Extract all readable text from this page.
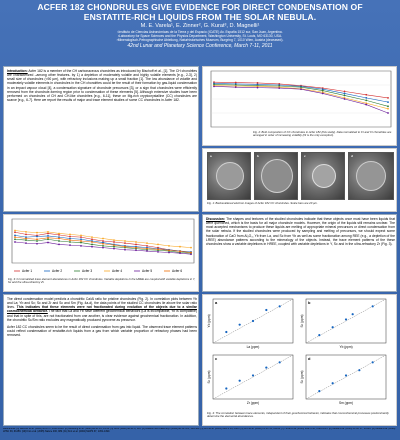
ACFER 182 CHONDRULES GIVE EVIDENCE FOR DIRECT CONDENSATION OF
ENSTATITE-RICH LIQUIDS FROM THE SOLAR NEBULA.
M. E. Varela¹, E. Zinner², G. Kurat³, D. Magnelli¹
¹Instituto de Ciencias Astronómicas de la Tierra y del Espacio (ICATE) Av. España 1512 sur, San Juan, Argentina.
²Laboratory for Space Sciences and the Physics Department, Washington University, St. Louis, MO 63130, USA.
³Mineralogisch-Petrographische Abteilung, Naturhistorisches Museum, Burgring 7, 1010 Wien, Austria (deceased).
42nd Lunar and Planetary Science Conference, March 7-11, 2011
Introduction: Acfer 182 is a member of the CH carbonaceous chondrites as introduced by Bischoff et al., [1]. The CH chondrites are characterized –among other features- by 1) a depletion of moderately volatile and highly volatile elements [e.g., 2-3], 2) small size of chondrules (<90 µm), with refractory inclusions making up a small fraction [1]. The low abundance of volatile and moderately volatile elements in chondrules in the CH chondrites could be the result of their formation by gas-liquid condensation in an impact vapour cloud [4], a condensation signature of chondrule precursors [3], or a sign that chondrules were efficiently removed from the chondrule-forming region prior to condensation of these elements [5]. Although extensive studies have been performed on chondrules of CH and CH-like chondrites [e.g., 6-11], these on Mg-rich cryptocrystalline (CC) chondrules are scarce [e.g., 6-7]. Here we report the results of major and trace element studies of some CC chondrules in Acfer 182.
Fig. 2: Bulk composition of CC chondrules in Acfer 182 (this study). Data normalized to CI and CI chondrites are arranged in order of increasing volatility (Ni is the only exception).
a	b	c	d
Fig. 1: Backscattered electron images of Acfer 182 CC chondrules. Scale bars are 20 µm.
Acfer 1	Acfer 2	Acfer 3	Acfer 4	Acfer 5	Acfer 6
Fig. 3: CI-normalized trace element abundances in Acfer 182 CC chondrules. Variable depletions in the HREE are coupled with variable depletions in Y, Sc and the ultra-refractory Zr.
Discussion: The shapes and textures of the studied chondrules indicate that these objects once must have been liquids that were quenched, which is the basis for all major chondrule models. However, the origin of the liquids still remains unclear. The most accepted mechanisms to produce these liquids are melting of appropriate mineral precursors or direct condensation from the solar nebula. If the studied chondrules were produced by sampling and melting of precursors, we should expect some fractionation of CaO from Al₂O₃, Yb from La, and Sc from Yb as well as some fractionation among REE (e.g., a depletion of the LREE) abundance patterns according to the mineralogy of the objects. Instead, the trace element patterns of the these chondrules show a variable depletions in HREE, coupled with variable depletions in Y, Sc and in the ultra-refractory Zr (Fig. 3).
The direct condensation model predicts a chondritic Ca/Al ratio for pristine chondrules (Fig. 2). In correlation plots between Yb and La; Yb and Sc; Sc and Zr and Sc and Sm (Fig. 4a-d), the data points of the studied CC chondrules lie above the solar ratio lines. This indicates that these elements were not fractionated during evolution of the objects due to a similar cosmochemical behavior. The fact that La and Yb have different geochemical behaviors (La is incompatible, Yb is compatible) and that in spite of this, are not fractionated from one another, is clear evidence against geochemical fractionation. In addition, the chondritic Sc/Sm ratio excludes any magmatically produced pyroxene as precursor.
Acfer 182 CC chondrules seem to be the result of direct condensation from gas into liquid. The observed trace element patterns could reflect condensation of enstatite-rich liquids from a gas from which variable proportion of refractory phases had been removed.
a
La (ppm)
Yb (ppm)
b
Yb (ppm)
Sc (ppm)
c
Zr (ppm)
Sc (ppm)
d
Sm (ppm)
Sc (ppm)
Fig. 4: The correlation between trace elements, independent of their geochemical behavior, indicates that cosmochemical processes predominantly determine the elemental abundances.
References: [1] Bischoff et al. (1993) GCA 57, 2631-2648. [2] Weisberg et al. (1988) EPSL 91, 19-32. [3] Scott (1988) EPSL 9, 119. [4] Wasson and Kallemeyn (1990) EPSL 101, 148-161. [5] Krot et al. (2001) MAPS 36, A105. [6] Krot et al. (2000) LPSC 31, #1439. [7] Hezel et al. (2003) MAPS 38, 1199-1215. [8] Varela et al. (2006) LPSC 37, #1486. [9] Varela et al. (2008) LPSC 39, #1459. [10] Krot et al. (2005) Nature 436, 989. [11] Krot et al. (2002) MAPS 37, 1451-1490.
